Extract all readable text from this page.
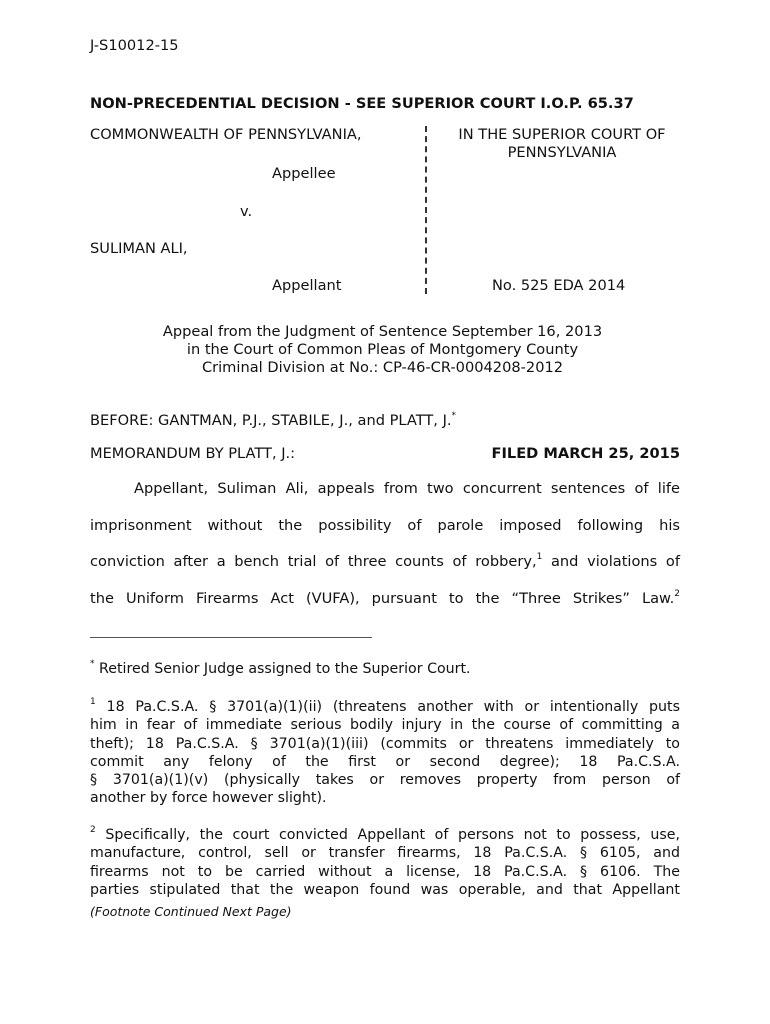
J-S10012-15
NON-PRECEDENTIAL DECISION - SEE SUPERIOR COURT I.O.P. 65.37
COMMONWEALTH OF PENNSYLVANIA,
Appellee
v.
SULIMAN ALI,
Appellant
IN THE SUPERIOR COURT OF
PENNSYLVANIA
No. 525 EDA 2014
Appeal from the Judgment of Sentence September 16, 2013
in the Court of Common Pleas of Montgomery County
Criminal Division at No.: CP-46-CR-0004208-2012
BEFORE: GANTMAN, P.J., STABILE, J., and PLATT, J.*
MEMORANDUM BY PLATT, J.:	FILED MARCH 25, 2015
Appellant, Suliman Ali, appeals from two concurrent sentences of life
imprisonment without the possibility of parole imposed following his
conviction after a bench trial of three counts of robbery,$^1$ and violations of
the Uniform Firearms Act (VUFA), pursuant to the “Three Strikes” Law.$^2$
* Retired Senior Judge assigned to the Superior Court.
$^1$ 18 Pa.C.S.A. § 3701(a)(1)(ii) (threatens another with or intentionally puts
him in fear of immediate serious bodily injury in the course of committing a
theft); 18 Pa.C.S.A. § 3701(a)(1)(iii) (commits or threatens immediately to
commit any felony of the first or second degree); 18 Pa.C.S.A.
§ 3701(a)(1)(v) (physically takes or removes property from person of
another by force however slight).
$^2$ Specifically, the court convicted Appellant of persons not to possess, use,
manufacture, control, sell or transfer firearms, 18 Pa.C.S.A. § 6105, and
firearms not to be carried without a license, 18 Pa.C.S.A. § 6106. The
parties stipulated that the weapon found was operable, and that Appellant
(Footnote Continued Next Page)
